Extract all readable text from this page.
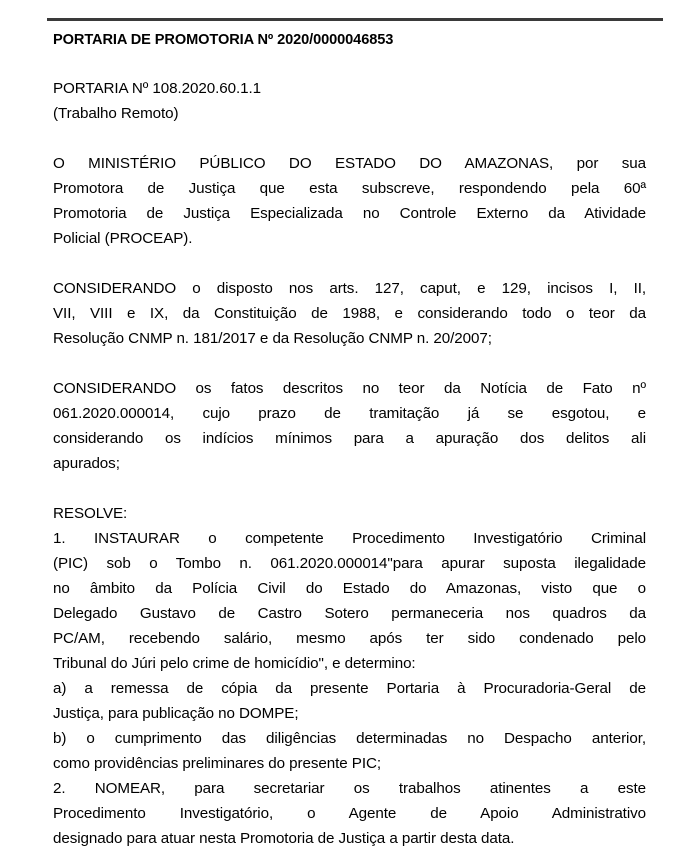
PORTARIA DE PROMOTORIA Nº 2020/0000046853
PORTARIA Nº 108.2020.60.1.1
(Trabalho Remoto)
O MINISTÉRIO PÚBLICO DO ESTADO DO AMAZONAS, por sua
Promotora de Justiça que esta subscreve, respondendo pela 60ª
Promotoria de Justiça Especializada no Controle Externo da Atividade
Policial (PROCEAP).
CONSIDERANDO o disposto nos arts. 127, caput, e 129, incisos I, II,
VII, VIII e IX, da Constituição de 1988, e considerando todo o teor da
Resolução CNMP n. 181/2017 e da Resolução CNMP n. 20/2007;
CONSIDERANDO os fatos descritos no teor da Notícia de Fato nº
061.2020.000014, cujo prazo de tramitação já se esgotou, e
considerando os indícios mínimos para a apuração dos delitos ali
apurados;
RESOLVE:
1. INSTAURAR o competente Procedimento Investigatório Criminal
(PIC) sob o Tombo n. 061.2020.000014"para apurar suposta ilegalidade
no âmbito da Polícia Civil do Estado do Amazonas, visto que o
Delegado Gustavo de Castro Sotero permaneceria nos quadros da
PC/AM, recebendo salário, mesmo após ter sido condenado pelo
Tribunal do Júri pelo crime de homicídio", e determino:
a) a remessa de cópia da presente Portaria à Procuradoria-Geral de
Justiça, para publicação no DOMPE;
b) o cumprimento das diligências determinadas no Despacho anterior,
como providências preliminares do presente PIC;
2. NOMEAR, para secretariar os trabalhos atinentes a este
Procedimento Investigatório, o Agente de Apoio Administrativo
designado para atuar nesta Promotoria de Justiça a partir desta data.
